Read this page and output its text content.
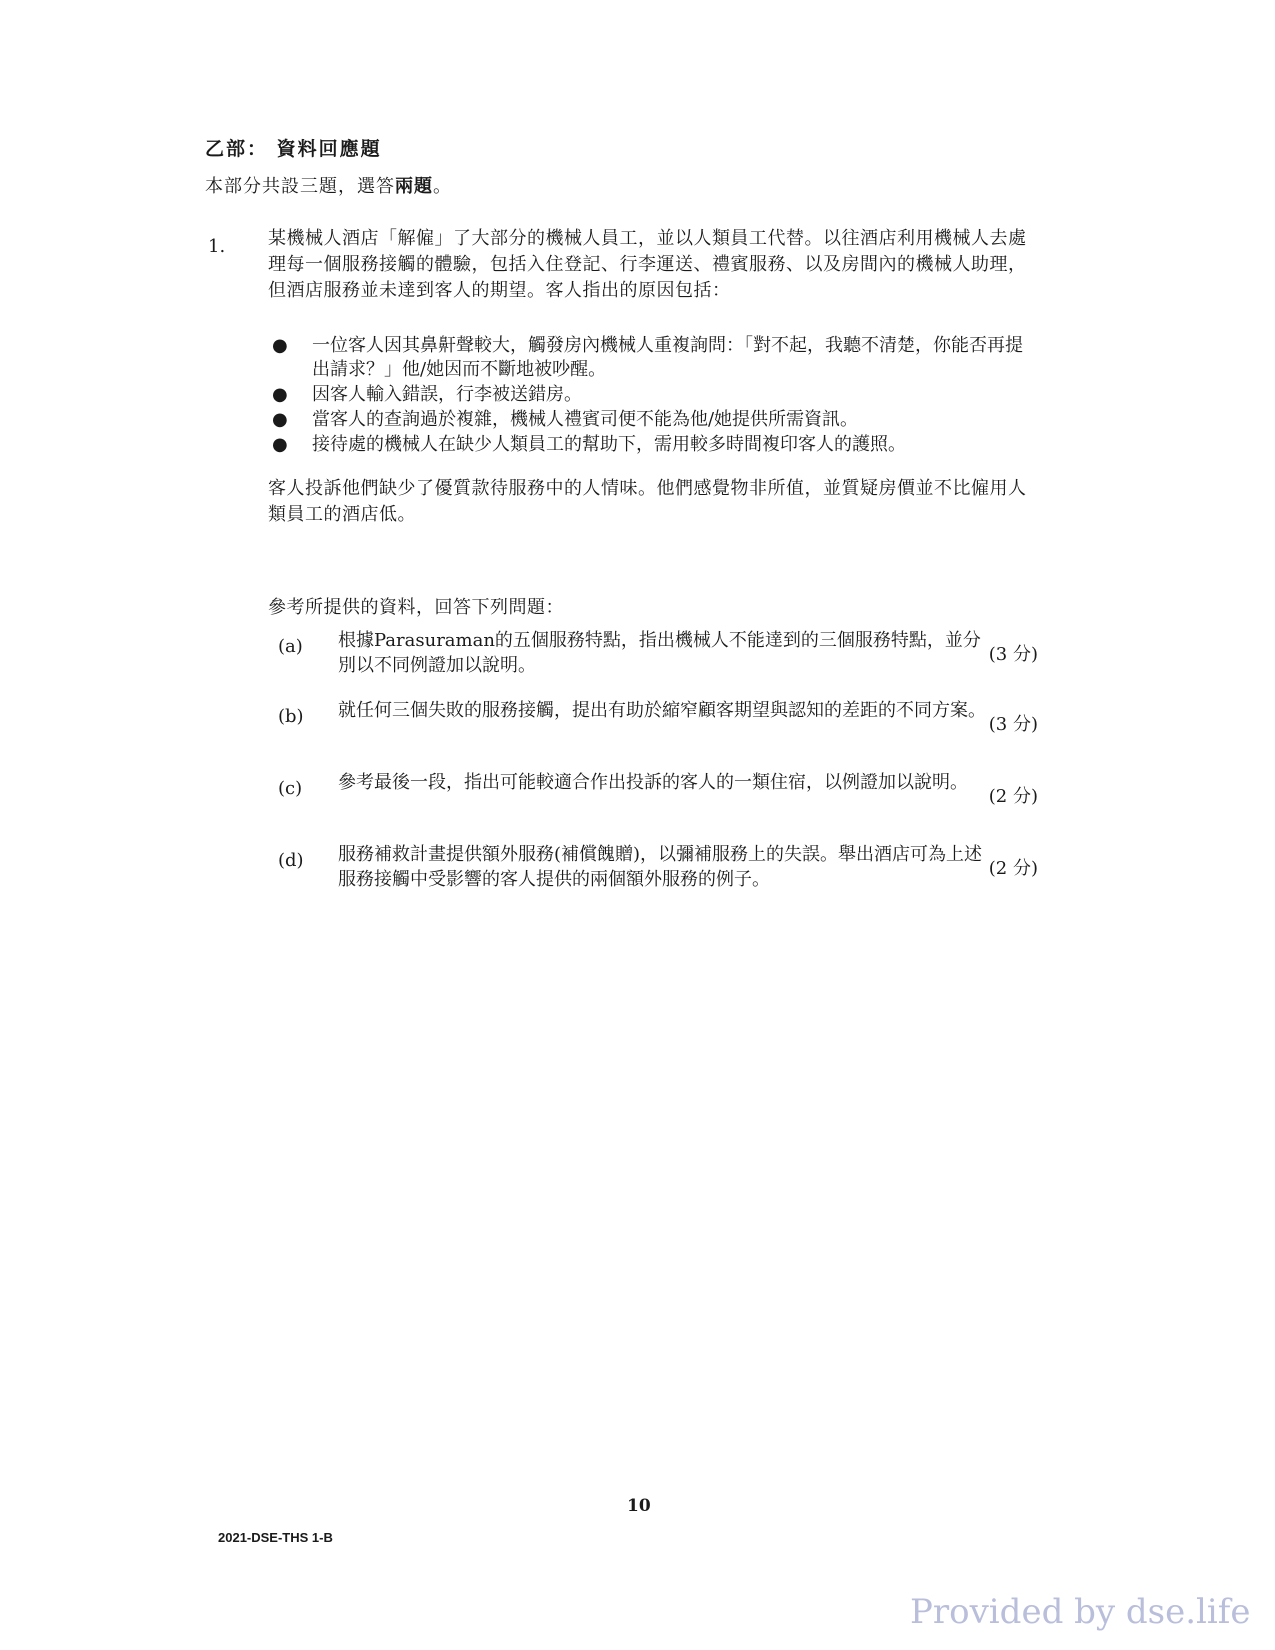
乙部： 資料回應題
本部分共設三題，選答兩題。
1. 某機械人酒店「解僱」了大部分的機械人員工，並以人類員工代替。以往酒店利用機械人去處理每一個服務接觸的體驗，包括入住登記、行李運送、禮賓服務、以及房間內的機械人助理，但酒店服務並未達到客人的期望。客人指出的原因包括：
● 一位客人因其鼻鼾聲較大，觸發房內機械人重複詢問：「對不起，我聽不清楚，你能否再提出請求？」他/她因而不斷地被吵醒。
● 因客人輸入錯誤，行李被送錯房。
● 當客人的查詢過於複雜，機械人禮賓司便不能為他/她提供所需資訊。
● 接待處的機械人在缺少人類員工的幫助下，需用較多時間複印客人的護照。
客人投訴他們缺少了優質款待服務中的人情味。他們感覺物非所值，並質疑房價並不比僱用人類員工的酒店低。
參考所提供的資料，回答下列問題：
(a) 根據Parasuraman的五個服務特點，指出機械人不能達到的三個服務特點，並分別以不同例證加以說明。
(3 分)
(b) 就任何三個失敗的服務接觸，提出有助於縮窄顧客期望與認知的差距的不同方案。
(3 分)
(c) 參考最後一段，指出可能較適合作出投訴的客人的一類住宿，以例證加以說明。
(2 分)
(d) 服務補救計畫提供額外服務(補償餽贈)，以彌補服務上的失誤。舉出酒店可為上述服務接觸中受影響的客人提供的兩個額外服務的例子。
(2 分)
10
2021-DSE-THS 1-B
Provided by dse.life
